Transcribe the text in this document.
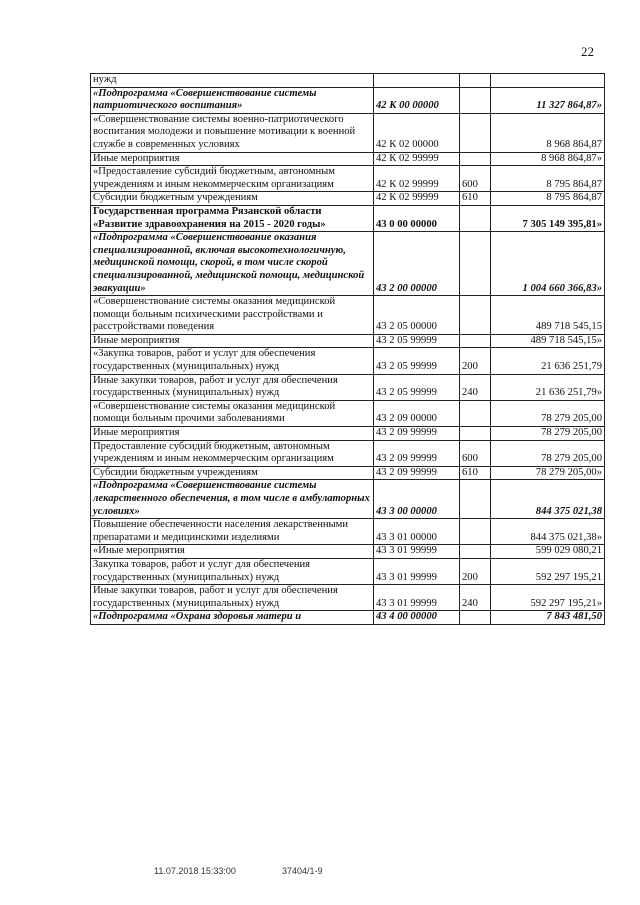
22
нужд			
«Подпрограмма «Совершенствование системы патриотического воспитания»	42 К 00 00000		11 327 864,87»
«Совершенствование системы военно-патриотического воспитания молодежи и повышение мотивации к военной службе в современных условиях	42 К 02 00000		8 968 864,87
Иные мероприятия	42 К 02 99999		8 968 864,87»
«Предоставление субсидий бюджетным, автономным учреждениям и иным некоммерческим организациям	42 К 02 99999	600	8 795 864,87
Субсидии бюджетным учреждениям	42 К 02 99999	610	8 795 864,87
Государственная программа Рязанской области «Развитие здравоохранения на 2015 - 2020 годы»	43 0 00 00000		7 305 149 395,81»
«Подпрограмма «Совершенствование оказания специализированной, включая высокотехнологичную, медицинской помощи, скорой, в том числе скорой специализированной, медицинской помощи, медицинской эвакуации»	43 2 00 00000		1 004 660 366,83»
«Совершенствование системы оказания медицинской помощи больным психическими расстройствами и расстройствами поведения	43 2 05 00000		489 718 545,15
Иные мероприятия	43 2 05 99999		489 718 545,15»
«Закупка товаров, работ и услуг для обеспечения государственных (муниципальных) нужд	43 2 05 99999	200	21 636 251,79
Иные закупки товаров, работ и услуг для обеспечения государственных (муниципальных) нужд	43 2 05 99999	240	21 636 251,79»
«Совершенствование системы оказания медицинской помощи больным прочими заболеваниями	43 2 09 00000		78 279 205,00
Иные мероприятия	43 2 09 99999		78 279 205,00
Предоставление субсидий бюджетным, автономным учреждениям и иным некоммерческим организациям	43 2 09 99999	600	78 279 205,00
Субсидии бюджетным учреждениям	43 2 09 99999	610	78 279 205,00»
«Подпрограмма «Совершенствование системы лекарственного обеспечения, в том числе в амбулаторных условиях»	43 3 00 00000		844 375 021,38
Повышение обеспеченности населения лекарственными препаратами и медицинскими изделиями	43 3 01 00000		844 375 021,38»
«Иные мероприятия	43 3 01 99999		599 029 080,21
Закупка товаров, работ и услуг для обеспечения государственных (муниципальных) нужд	43 3 01 99999	200	592 297 195,21
Иные закупки товаров, работ и услуг для обеспечения государственных (муниципальных) нужд	43 3 01 99999	240	592 297 195,21»
«Подпрограмма «Охрана здоровья матери и	43 4 00 00000		7 843 481,50
11.07.2018 15:33:00	37404/1-9
